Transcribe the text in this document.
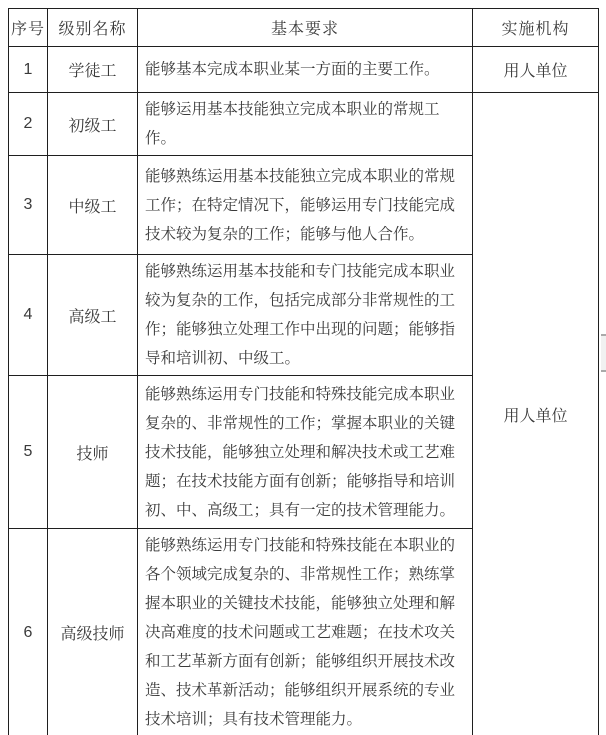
序号	级别名称	基本要求	实施机构
1	学徒工	能够基本完成本职业某一方面的主要工作。	用人单位
2	初级工	能够运用基本技能独立完成本职业的常规工作。	用人单位
3	中级工	能够熟练运用基本技能独立完成本职业的常规工作；在特定情况下，能够运用专门技能完成技术较为复杂的工作；能够与他人合作。	
4	高级工	能够熟练运用基本技能和专门技能完成本职业较为复杂的工作，包括完成部分非常规性的工作；能够独立处理工作中出现的问题；能够指导和培训初、中级工。	
5	技师	能够熟练运用专门技能和特殊技能完成本职业复杂的、非常规性的工作；掌握本职业的关键技术技能，能够独立处理和解决技术或工艺难题；在技术技能方面有创新；能够指导和培训初、中、高级工；具有一定的技术管理能力。	
6	高级技师	能够熟练运用专门技能和特殊技能在本职业的各个领域完成复杂的、非常规性工作；熟练掌握本职业的关键技术技能，能够独立处理和解决高难度的技术问题或工艺难题；在技术攻关和工艺革新方面有创新；能够组织开展技术改造、技术革新活动；能够组织开展系统的专业技术培训；具有技术管理能力。	
